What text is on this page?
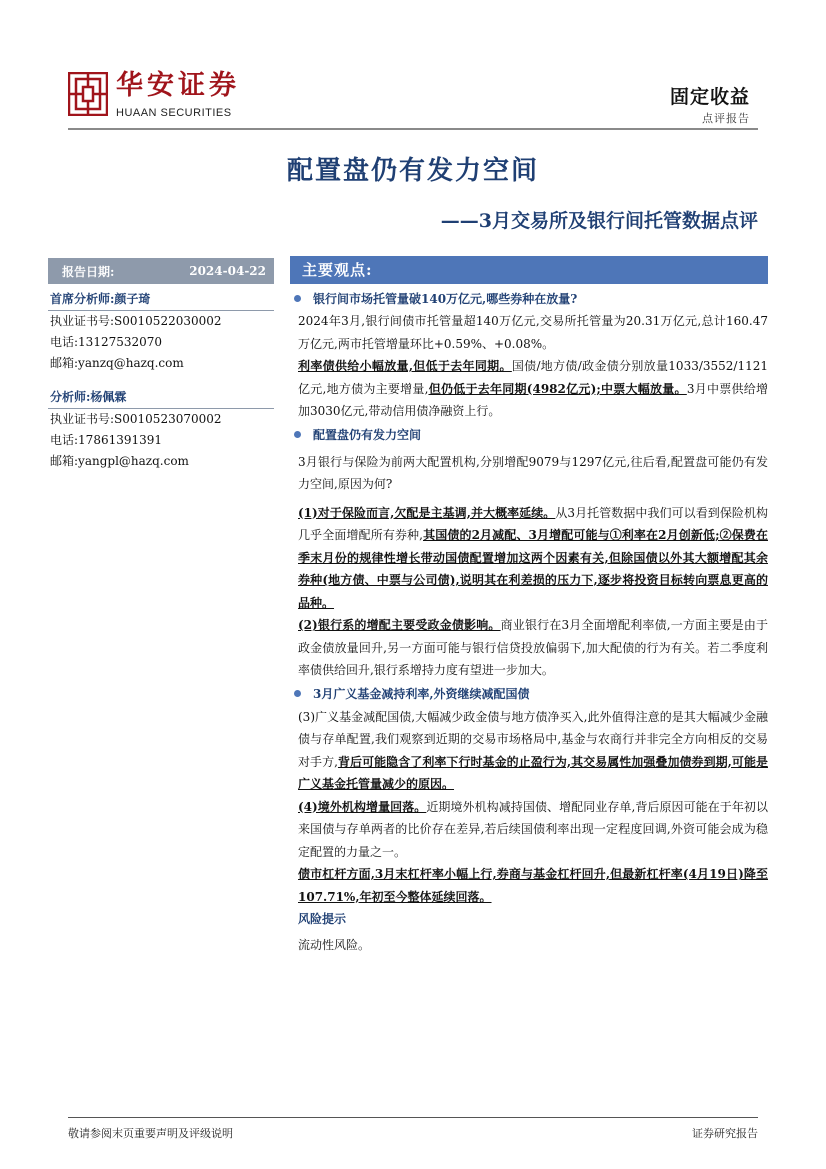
华安证券
HUAAN SECURITIES
固定收益
点评报告
配置盘仍有发力空间
——3月交易所及银行间托管数据点评
报告日期:	2024-04-22
首席分析师:颜子琦
执业证书号:S0010522030002
电话:13127532070
邮箱:yanzq@hazq.com
分析师:杨佩霖
执业证书号:S0010523070002
电话:17861391391
邮箱:yangpl@hazq.com
主要观点:
银行间市场托管量破140万亿元,哪些券种在放量?

2024年3月,银行间债市托管量超140万亿元,交易所托管量为20.31万亿元,总计160.47万亿元,两市托管增量环比+0.59%、+0.08%。

利率债供给小幅放量,但低于去年同期。国债/地方债/政金债分别放量1033/3552/1121亿元,地方债为主要增量,但仍低于去年同期(4982亿元);中票大幅放量。3月中票供给增加3030亿元,带动信用债净融资上行。

配置盘仍有发力空间

3月银行与保险为前两大配置机构,分别增配9079与1297亿元,往后看,配置盘可能仍有发力空间,原因为何?

(1)对于保险而言,欠配是主基调,并大概率延续。从3月托管数据中我们可以看到保险机构几乎全面增配所有券种,其国债的2月减配、3月增配可能与①利率在2月创新低;②保费在季末月份的规律性增长带动国债配置增加这两个因素有关,但除国债以外其大额增配其余券种(地方债、中票与公司债),说明其在利差损的压力下,逐步将投资目标转向票息更高的品种。

(2)银行系的增配主要受政金债影响。商业银行在3月全面增配利率债,一方面主要是由于政金债放量回升,另一方面可能与银行信贷投放偏弱下,加大配债的行为有关。若二季度利率债供给回升,银行系增持力度有望进一步加大。

3月广义基金减持利率,外资继续减配国债

(3)广义基金减配国债,大幅减少政金债与地方债净买入,此外值得注意的是其大幅减少金融债与存单配置,我们观察到近期的交易市场格局中,基金与农商行并非完全方向相反的交易对手方,背后可能隐含了利率下行时基金的止盈行为,其交易属性加强叠加债券到期,可能是广义基金托管量减少的原因。

(4)境外机构增量回落。近期境外机构减持国债、增配同业存单,背后原因可能在于年初以来国债与存单两者的比价存在差异,若后续国债利率出现一定程度回调,外资可能会成为稳定配置的力量之一。

债市杠杆方面,3月末杠杆率小幅上行,券商与基金杠杆回升,但最新杠杆率(4月19日)降至107.71%,年初至今整体延续回落。

风险提示

流动性风险。

敬请参阅末页重要声明及评级说明	证券研究报告
